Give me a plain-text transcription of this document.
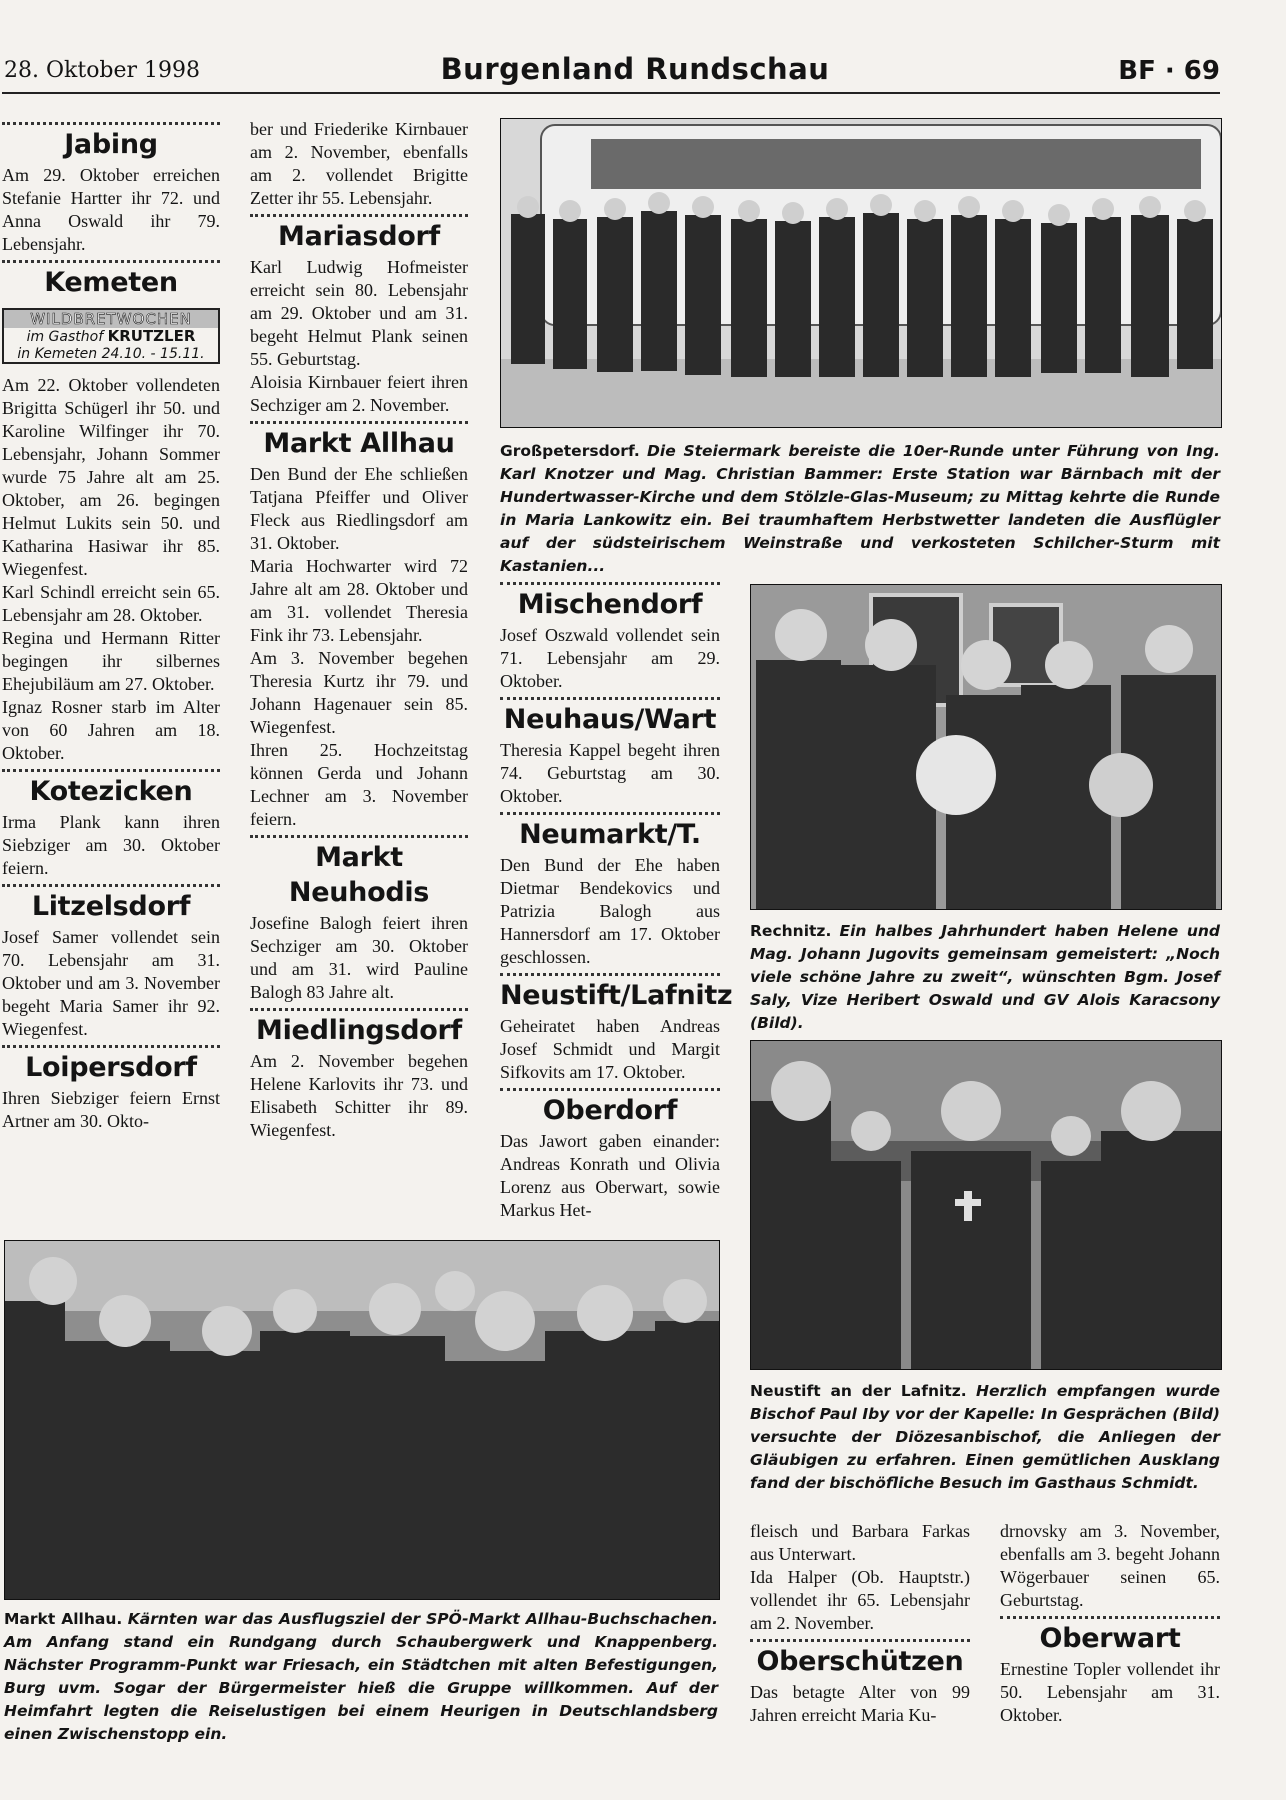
28. Oktober 1998	Burgenland Rundschau	BF · 69
Jabing

Am 29. Oktober erreichen Stefanie Hartter ihr 72. und Anna Oswald ihr 79. Lebensjahr.

Kemeten
WILDBRETWOCHEN
im Gasthof KRUTZLER
in Kemeten 24.10. - 15.11.

Am 22. Oktober vollendeten Brigitta Schügerl ihr 50. und Karoline Wilfinger ihr 70. Lebensjahr, Johann Sommer wurde 75 Jahre alt am 25. Oktober, am 26. begingen Helmut Lukits sein 50. und Katharina Hasiwar ihr 85. Wiegenfest.

Karl Schindl erreicht sein 65. Lebensjahr am 28. Oktober.

Regina und Hermann Ritter begingen ihr silbernes Ehejubiläum am 27. Oktober.

Ignaz Rosner starb im Alter von 60 Jahren am 18. Oktober.

Kotezicken

Irma Plank kann ihren Siebziger am 30. Oktober feiern.

Litzelsdorf

Josef Samer vollendet sein 70. Lebensjahr am 31. Oktober und am 3. November begeht Maria Samer ihr 92. Wiegenfest.

Loipersdorf

Ihren Siebziger feiern Ernst Artner am 30. Okto-

ber und Friederike Kirnbauer am 2. November, ebenfalls am 2. vollendet Brigitte Zetter ihr 55. Lebensjahr.

Mariasdorf

Karl Ludwig Hofmeister erreicht sein 80. Lebensjahr am 29. Oktober und am 31. begeht Helmut Plank seinen 55. Geburtstag.

Aloisia Kirnbauer feiert ihren Sechziger am 2. November.

Markt Allhau

Den Bund der Ehe schließen Tatjana Pfeiffer und Oliver Fleck aus Riedlingsdorf am 31. Oktober.

Maria Hochwarter wird 72 Jahre alt am 28. Oktober und am 31. vollendet Theresia Fink ihr 73. Lebensjahr.

Am 3. November begehen Theresia Kurtz ihr 79. und Johann Hagenauer sein 85. Wiegenfest.

Ihren 25. Hochzeitstag können Gerda und Johann Lechner am 3. November feiern.

Markt Neuhodis

Josefine Balogh feiert ihren Sechziger am 30. Oktober und am 31. wird Pauline Balogh 83 Jahre alt.

Miedlingsdorf

Am 2. November begehen Helene Karlovits ihr 73. und Elisabeth Schitter ihr 89. Wiegenfest.

Großpetersdorf. Die Steiermark bereiste die 10er-Runde unter Führung von Ing. Karl Knotzer und Mag. Christian Bammer: Erste Station war Bärnbach mit der Hundertwasser-Kirche und dem Stölzle-Glas-Museum; zu Mittag kehrte die Runde in Maria Lankowitz ein. Bei traumhaftem Herbstwetter landeten die Ausflügler auf der südsteirischem Weinstraße und verkosteten Schilcher-Sturm mit Kastanien...
Mischendorf

Josef Oszwald vollendet sein 71. Lebensjahr am 29. Oktober.

Neuhaus/Wart

Theresia Kappel begeht ihren 74. Geburtstag am 30. Oktober.

Neumarkt/T.

Den Bund der Ehe haben Dietmar Bendekovics und Patrizia Balogh aus Hannersdorf am 17. Oktober geschlossen.

Neustift/Lafnitz

Geheiratet haben Andreas Josef Schmidt und Margit Sifkovits am 17. Oktober.

Oberdorf

Das Jawort gaben einander: Andreas Konrath und Olivia Lorenz aus Oberwart, sowie Markus Het-

Rechnitz. Ein halbes Jahrhundert haben Helene und Mag. Johann Jugovits gemeinsam gemeistert: „Noch viele schöne Jahre zu zweit“, wünschten Bgm. Josef Saly, Vize Heribert Oswald und GV Alois Karacsony (Bild).
Neustift an der Lafnitz. Herzlich empfangen wurde Bischof Paul Iby vor der Kapelle: In Gesprächen (Bild) versuchte der Diözesanbischof, die Anliegen der Gläubigen zu erfahren. Einen gemütlichen Ausklang fand der bischöfliche Besuch im Gasthaus Schmidt.
Markt Allhau. Kärnten war das Ausflugsziel der SPÖ-Markt Allhau-Buchschachen. Am Anfang stand ein Rundgang durch Schaubergwerk und Knappenberg. Nächster Programm-Punkt war Friesach, ein Städtchen mit alten Befestigungen, Burg uvm. Sogar der Bürgermeister hieß die Gruppe willkommen. Auf der Heimfahrt legten die Reiselustigen bei einem Heurigen in Deutschlandsberg einen Zwischenstopp ein.

fleisch und Barbara Farkas aus Unterwart.

Ida Halper (Ob. Hauptstr.) vollendet ihr 65. Lebensjahr am 2. November.

Oberschützen

Das betagte Alter von 99 Jahren erreicht Maria Ku-

drnovsky am 3. November, ebenfalls am 3. begeht Johann Wögerbauer seinen 65. Geburtstag.

Oberwart

Ernestine Topler vollendet ihr 50. Lebensjahr am 31. Oktober.
